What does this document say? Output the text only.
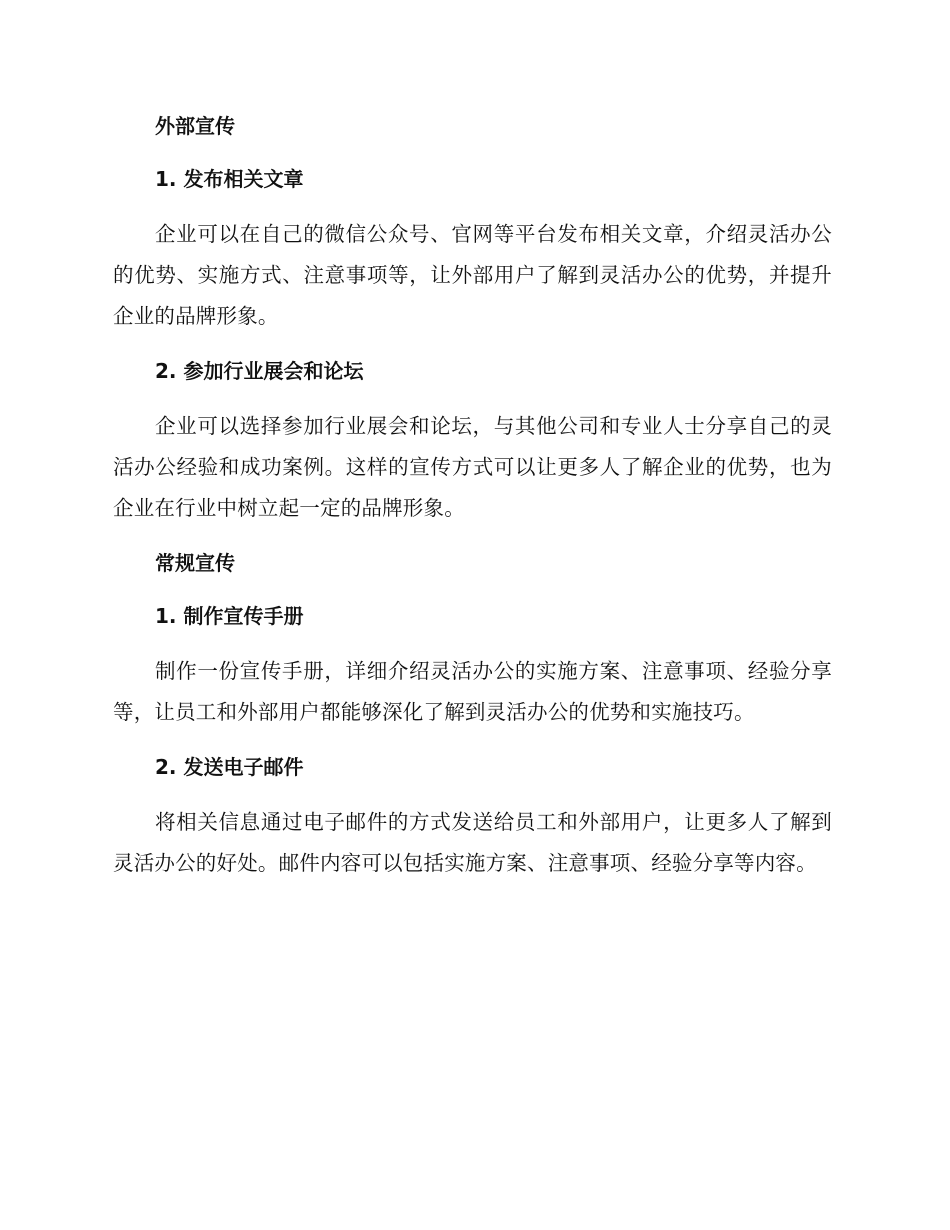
外部宣传
1. 发布相关文章

企业可以在自己的微信公众号、官网等平台发布相关文章，介绍灵活办公的优势、实施方式、注意事项等，让外部用户了解到灵活办公的优势，并提升企业的品牌形象。

2. 参加行业展会和论坛

企业可以选择参加行业展会和论坛，与其他公司和专业人士分享自己的灵活办公经验和成功案例。这样的宣传方式可以让更多人了解企业的优势，也为企业在行业中树立起一定的品牌形象。

常规宣传
1. 制作宣传手册

制作一份宣传手册，详细介绍灵活办公的实施方案、注意事项、经验分享等，让员工和外部用户都能够深化了解到灵活办公的优势和实施技巧。

2. 发送电子邮件

将相关信息通过电子邮件的方式发送给员工和外部用户，让更多人了解到灵活办公的好处。邮件内容可以包括实施方案、注意事项、经验分享等内容。
